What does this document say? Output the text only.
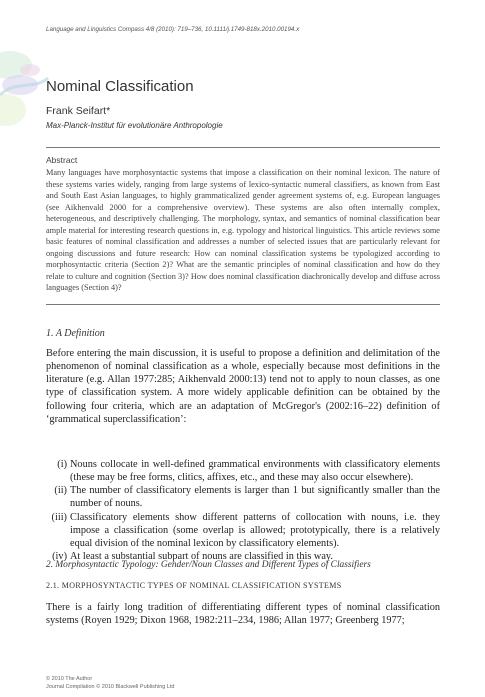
Language and Linguistics Compass 4/8 (2010): 719–736, 10.1111/j.1749-818x.2010.00194.x
Nominal Classification
Frank Seifart*
Max-Planck-Institut für evolutionäre Anthropologie
Abstract
Many languages have morphosyntactic systems that impose a classification on their nominal lexicon. The nature of these systems varies widely, ranging from large systems of lexico-syntactic numeral classifiers, as known from East and South East Asian languages, to highly grammaticalized gender agreement systems of, e.g. European languages (see Aikhenvald 2000 for a comprehensive overview). These systems are also often internally complex, heterogeneous, and descriptively challenging. The morphology, syntax, and semantics of nominal classification bear ample material for interesting research questions in, e.g. typology and historical linguistics. This article reviews some basic features of nominal classification and addresses a number of selected issues that are particularly relevant for ongoing discussions and future research: How can nominal classification systems be typologized according to morphosyntactic criteria (Section 2)? What are the semantic principles of nominal classification and how do they relate to culture and cognition (Section 3)? How does nominal classification diachronically develop and diffuse across languages (Section 4)?
1. A Definition
Before entering the main discussion, it is useful to propose a definition and delimitation of the phenomenon of nominal classification as a whole, especially because most definitions in the literature (e.g. Allan 1977:285; Aikhenvald 2000:13) tend not to apply to noun classes, as one type of classification system. A more widely applicable definition can be obtained by the following four criteria, which are an adaptation of McGregor's (2002:16–22) definition of ‘grammatical superclassification’:
(i) Nouns collocate in well-defined grammatical environments with classificatory elements (these may be free forms, clitics, affixes, etc., and these may also occur elsewhere).
(ii) The number of classificatory elements is larger than 1 but significantly smaller than the number of nouns.
(iii) Classificatory elements show different patterns of collocation with nouns, i.e. they impose a classification (some overlap is allowed; prototypically, there is a relatively equal division of the nominal lexicon by classificatory elements).
(iv) At least a substantial subpart of nouns are classified in this way.
2. Morphosyntactic Typology: Gender/Noun Classes and Different Types of Classifiers
2.1. MORPHOSYNTACTIC TYPES OF NOMINAL CLASSIFICATION SYSTEMS
There is a fairly long tradition of differentiating different types of nominal classification systems (Royen 1929; Dixon 1968, 1982:211–234, 1986; Allan 1977; Greenberg 1977;
© 2010 The Author
Journal Compilation © 2010 Blackwell Publishing Ltd
